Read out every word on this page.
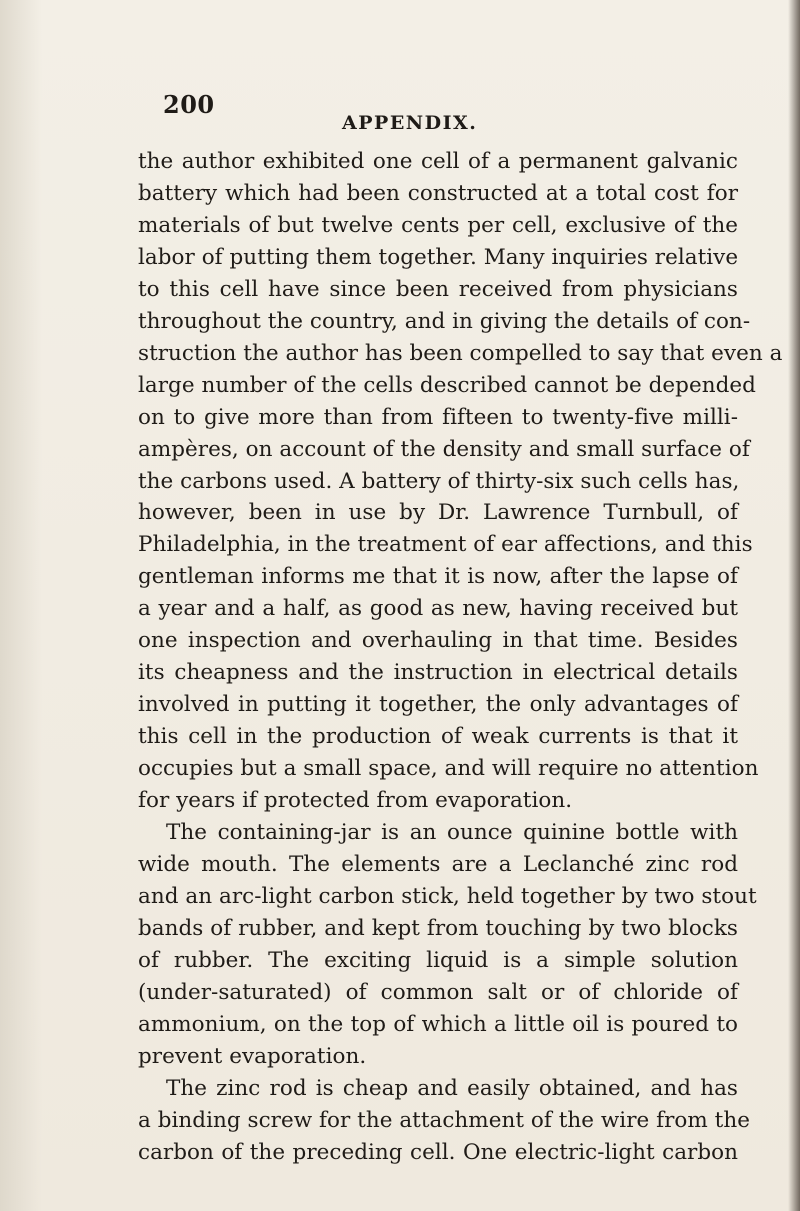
200
APPENDIX.
the author exhibited one cell of a permanent galvanic
battery which had been constructed at a total cost for
materials of but twelve cents per cell, exclusive of the
labor of putting them together. Many inquiries relative
to this cell have since been received from physicians
throughout the country, and in giving the details of con-
struction the author has been compelled to say that even a
large number of the cells described cannot be depended
on to give more than from fifteen to twenty-five milli-
ampères, on account of the density and small surface of
the carbons used. A battery of thirty-six such cells has,
however, been in use by Dr. Lawrence Turnbull, of
Philadelphia, in the treatment of ear affections, and this
gentleman informs me that it is now, after the lapse of
a year and a half, as good as new, having received but
one inspection and overhauling in that time. Besides
its cheapness and the instruction in electrical details
involved in putting it together, the only advantages of
this cell in the production of weak currents is that it
occupies but a small space, and will require no attention
for years if protected from evaporation.
The containing-jar is an ounce quinine bottle with
wide mouth. The elements are a Leclanché zinc rod
and an arc-light carbon stick, held together by two stout
bands of rubber, and kept from touching by two blocks
of rubber. The exciting liquid is a simple solution
(under-saturated) of common salt or of chloride of
ammonium, on the top of which a little oil is poured to
prevent evaporation.
The zinc rod is cheap and easily obtained, and has
a binding screw for the attachment of the wire from the
carbon of the preceding cell. One electric-light carbon
